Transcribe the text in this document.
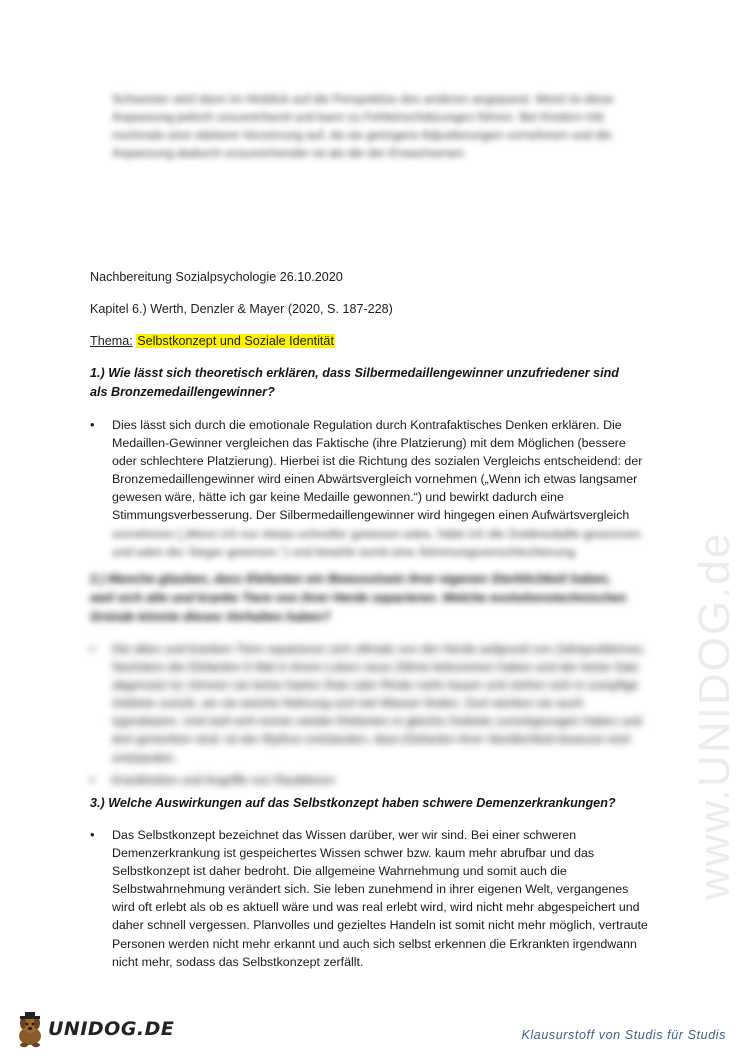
Schwester wird dann im Hinblick auf die Perspektive des anderen angepasst. Meist ist diese Anpassung jedoch unzureichend und kann zu Fehleinschätzungen führen. Bei Kindern tritt nochmals eine stärkere Verzerrung auf, da sie geringere Adjustierungen vornehmen und die Anpassung dadurch unzureichender ist als die der Erwachsenen.
Nachbereitung Sozialpsychologie 26.10.2020
Kapitel 6.) Werth, Denzler & Mayer (2020, S. 187-228)
Thema: Selbstkonzept und Soziale Identität
1.) Wie lässt sich theoretisch erklären, dass Silbermedaillengewinner unzufriedener sind als Bronzemedaillengewinner?
• Dies lässt sich durch die emotionale Regulation durch Kontrafaktisches Denken erklären. Die Medaillen-Gewinner vergleichen das Faktische (ihre Platzierung) mit dem Möglichen (bessere oder schlechtere Platzierung). Hierbei ist die Richtung des sozialen Vergleichs entscheidend: der Bronzemedaillengewinner wird einen Abwärtsvergleich vornehmen („Wenn ich etwas langsamer gewesen wäre, hätte ich gar keine Medaille gewonnen.“) und bewirkt dadurch eine Stimmungsverbesserung. Der Silbermedaillengewinner wird hingegen einen Aufwärtsvergleich
vornehmen („Wenn ich nur etwas schneller gewesen wäre, hätte ich die Goldmedaille gewonnen und wäre der Sieger gewesen.“) und bewirkt somit eine Stimmungsverschlechterung.
2.) Manche glauben, dass Elefanten ein Bewusstsein ihrer eigenen Sterblichkeit haben, weil sich alte und kranke Tiere von ihrer Herde separieren. Welche evolutionstechnischen Gründe könnte dieses Verhalten haben?
• Die alten und kranken Tiere separieren sich oftmals von der Herde aufgrund von Zahnproblemen. Nachdem die Elefanten 6 Mal in ihrem Leben neue Zähne bekommen haben und der letzte Satz abgenutzt ist, können sie keine harten Äste oder Rinde mehr kauen und ziehen sich in sumpfige Gebiete zurück, wo sie weiche Nahrung und viel Wasser finden. Dort sterben sie auch irgendwann. Und weil sich immer wieder Elefanten in gleiche Gebiete zurückgezogen haben und dort gestorben sind, ist der Mythos entstanden, dass Elefanten ihrer Sterblichkeit bewusst sind entstanden.
• Krankheiten und Angriffe von Raubtieren
3.) Welche Auswirkungen auf das Selbstkonzept haben schwere Demenzerkrankungen?
• Das Selbstkonzept bezeichnet das Wissen darüber, wer wir sind. Bei einer schweren Demenzerkrankung ist gespeichertes Wissen schwer bzw. kaum mehr abrufbar und das Selbstkonzept ist daher bedroht. Die allgemeine Wahrnehmung und somit auch die Selbstwahrnehmung verändert sich. Sie leben zunehmend in ihrer eigenen Welt, vergangenes wird oft erlebt als ob es aktuell wäre und was real erlebt wird, wird nicht mehr abgespeichert und daher schnell vergessen. Planvolles und gezieltes Handeln ist somit nicht mehr möglich, vertraute Personen werden nicht mehr erkannt und auch sich selbst erkennen die Erkrankten irgendwann nicht mehr, sodass das Selbstkonzept zerfällt.
www.UNIDOG.de
UNIDOG.DE	Klausurstoff von Studis für Studis
